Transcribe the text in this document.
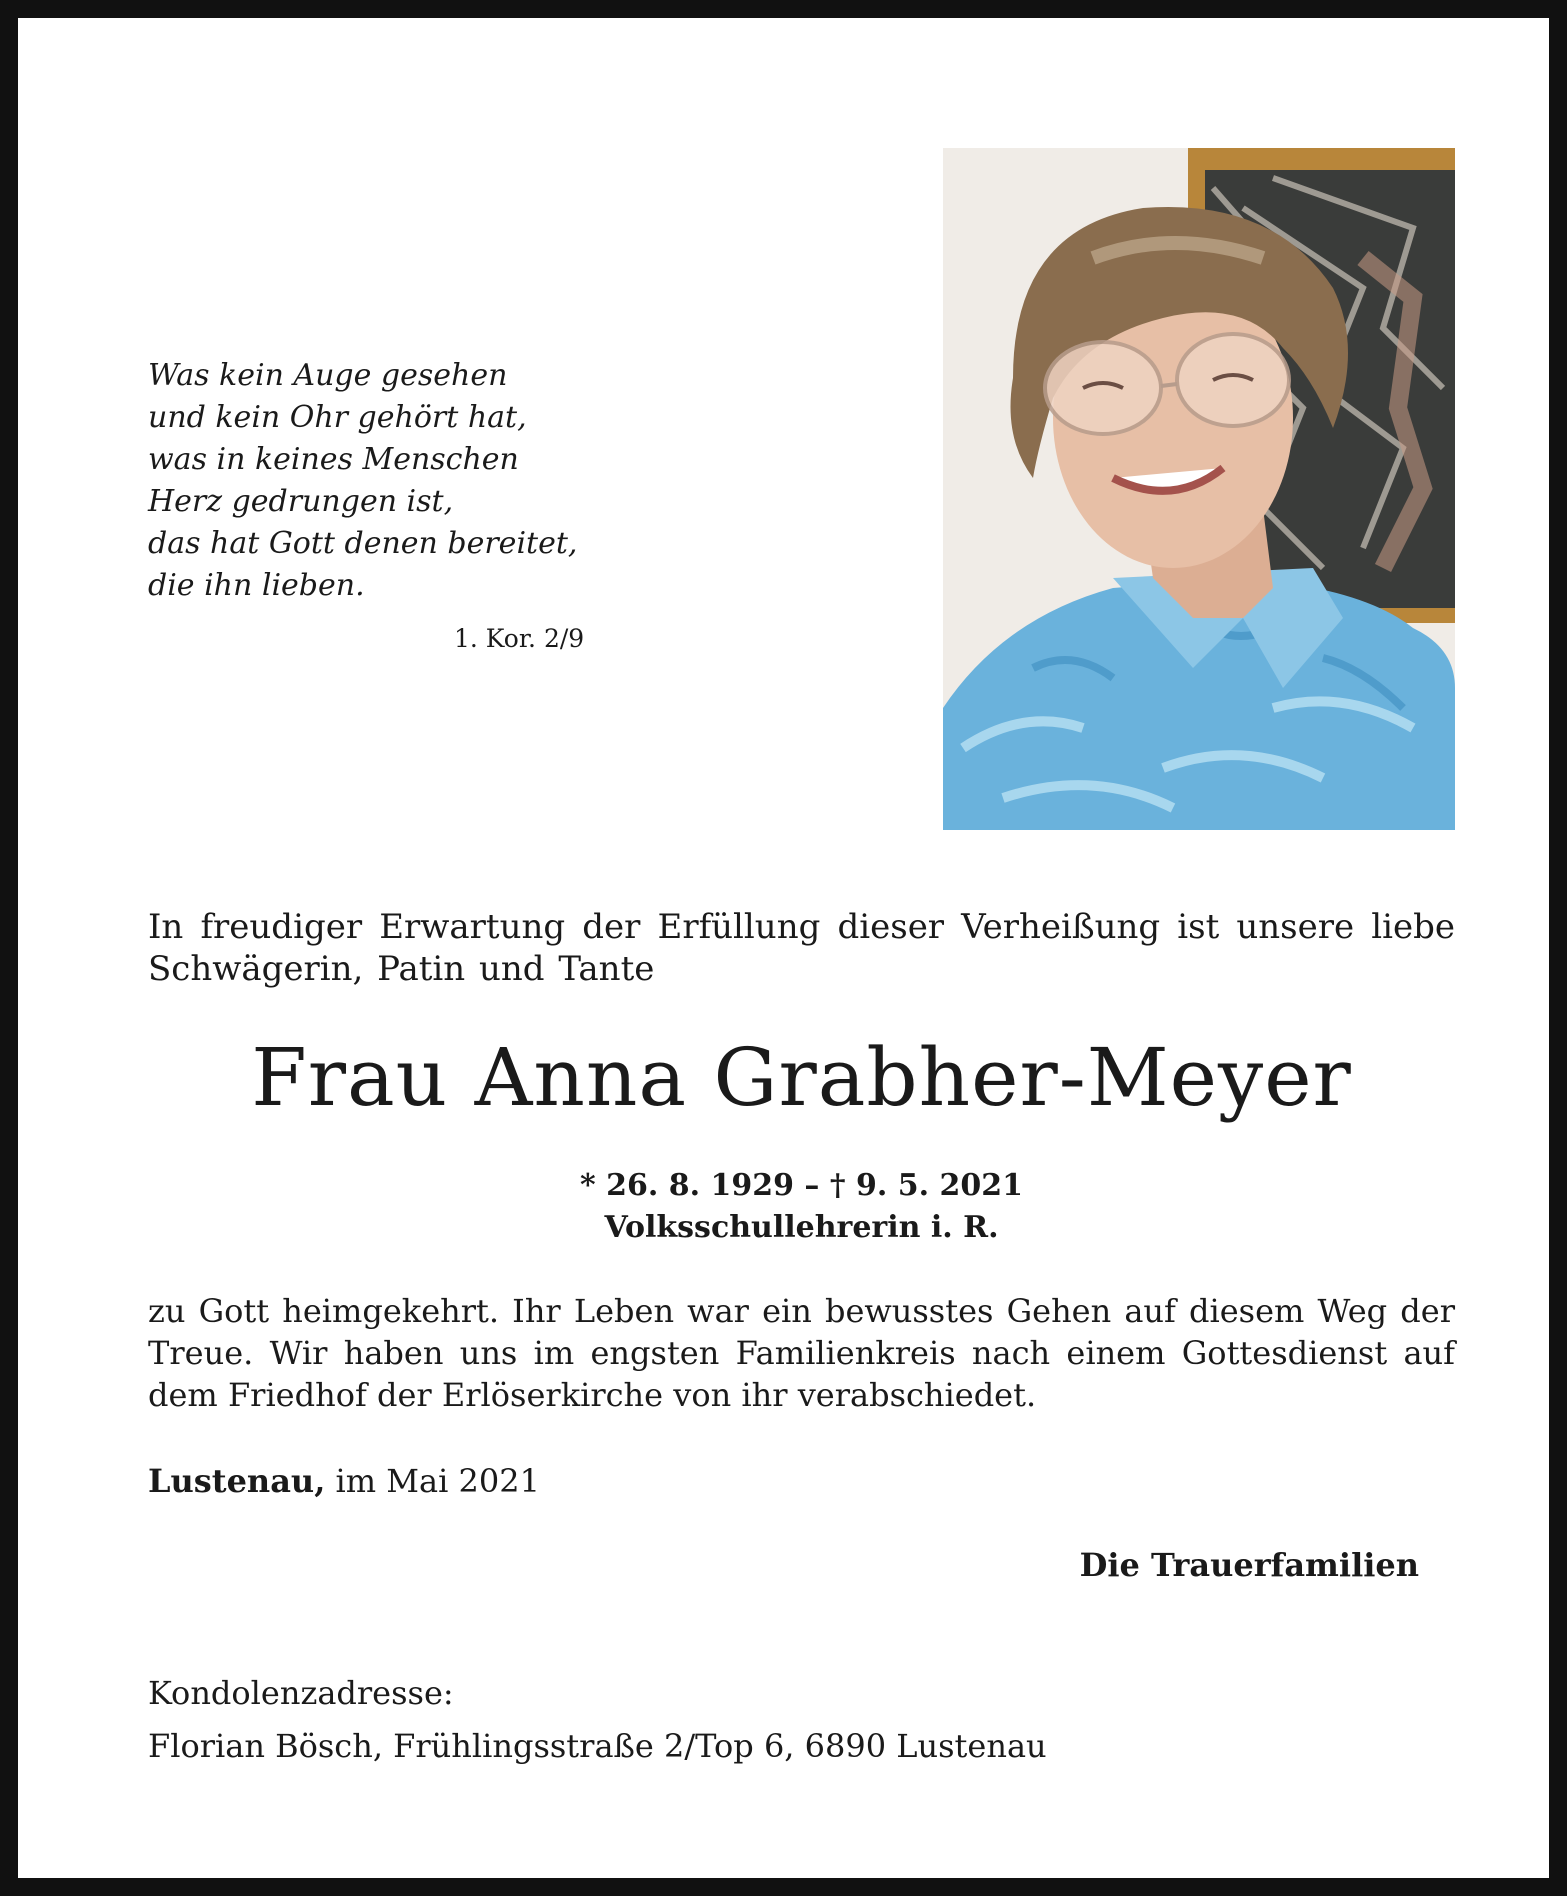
Was kein Auge gesehen
und kein Ohr gehört hat,
was in keines Menschen
Herz gedrungen ist,
das hat Gott denen bereitet,
die ihn lieben.
1. Kor. 2/9
In freudiger Erwartung der Erfüllung dieser Verheißung ist unsere liebe Schwägerin, Patin und Tante
Frau Anna Grabher-Meyer
* 26. 8. 1929 – † 9. 5. 2021
Volksschullehrerin i. R.
zu Gott heimgekehrt. Ihr Leben war ein bewusstes Gehen auf diesem Weg der Treue. Wir haben uns im engsten Familienkreis nach einem Gottesdienst auf dem Friedhof der Erlöserkirche von ihr verabschiedet.
Lustenau, im Mai 2021
Die Trauerfamilien
Kondolenzadresse:
Florian Bösch, Frühlingsstraße 2/Top 6, 6890 Lustenau
